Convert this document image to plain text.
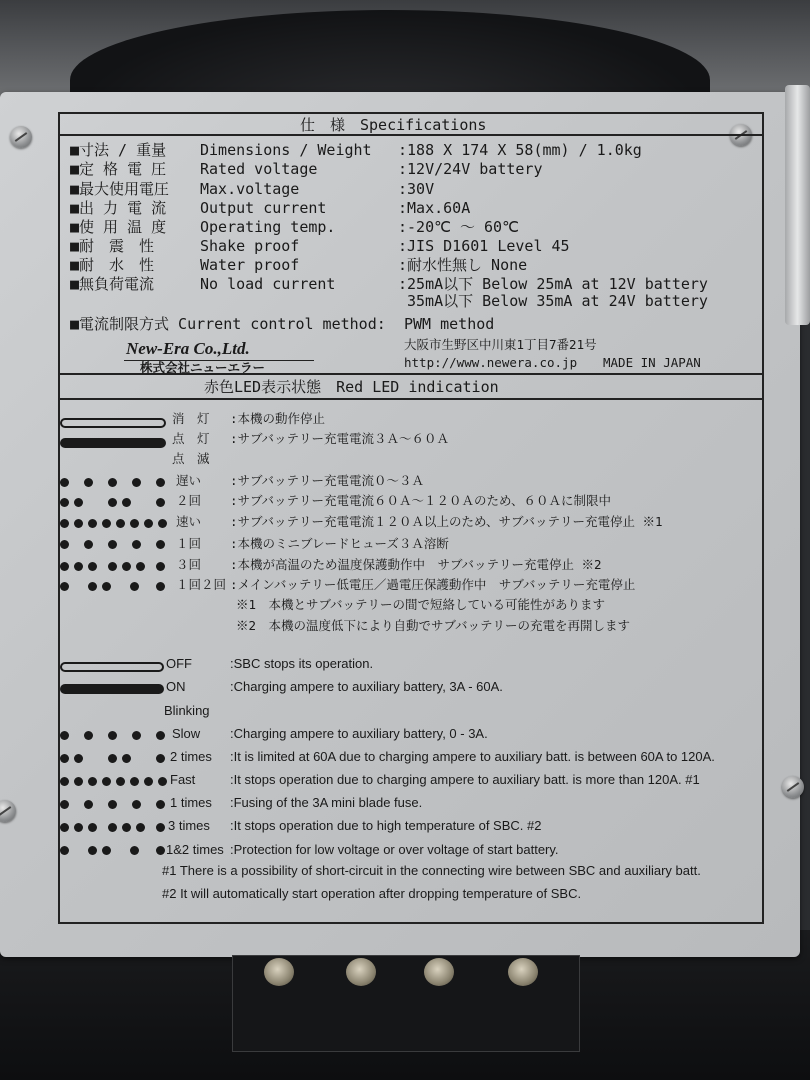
仕　様　Specifications
■寸法 / 重量 Dimensions / Weight :188 X 174 X 58(mm) / 1.0kg
■定 格 電 圧 Rated voltage	:12V/24V battery
■最大使用電圧 Max.voltage	:30V
■出 力 電 流 Output current	:Max.60A
■使 用 温 度 Operating temp.	:-20℃ ～ 60℃
■耐　震　性	Shake proof	:JIS D1601 Level 45
■耐　水　性	Water proof	:耐水性無し None
■無負荷電流	No load current	:25mA以下 Below 25mA at 12V battery
35mA以下 Below 35mA at 24V battery
■電流制限方式 Current control method: PWM method
New-Era Co.,Ltd.
株式会社ニューエラー
大阪市生野区中川東1丁目7番21号
http://www.newera.co.jp MADE IN JAPAN
赤色LED表示状態　Red LED indication
消　灯 :本機の動作停止
点　灯 :サブバッテリー充電電流３Ａ～６０Ａ
点　滅
遅い :サブバッテリー充電電流０～３Ａ
２回 :サブバッテリー充電電流６０Ａ～１２０Ａのため、６０Ａに制限中
速い :サブバッテリー充電電流１２０Ａ以上のため、サブバッテリー充電停止 ※1
１回 :本機のミニブレードヒューズ３Ａ溶断
３回 :本機が高温のため温度保護動作中　サブバッテリー充電停止 ※2
１回２回 :メインバッテリー低電圧／過電圧保護動作中　サブバッテリー充電停止
※1　本機とサブバッテリーの間で短絡している可能性があります
※2　本機の温度低下により自動でサブバッテリーの充電を再開します
OFF	:SBC stops its operation.
ON	:Charging ampere to auxiliary battery, 3A - 60A.
Blinking
Slow :Charging ampere to auxiliary battery, 0 - 3A.
2 times :It is limited at 60A due to charging ampere to auxiliary batt. is between 60A to 120A.
Fast	:It stops operation due to charging ampere to auxiliary batt. is more than 120A. #1
1 times :Fusing of the 3A mini blade fuse.
3 times :It stops operation due to high temperature of SBC. #2
1&2 times :Protection for low voltage or over voltage of start battery.
#1 There is a possibility of short-circuit in the connecting wire between SBC and auxiliary batt.
#2 It will automatically start operation after dropping temperature of SBC.
